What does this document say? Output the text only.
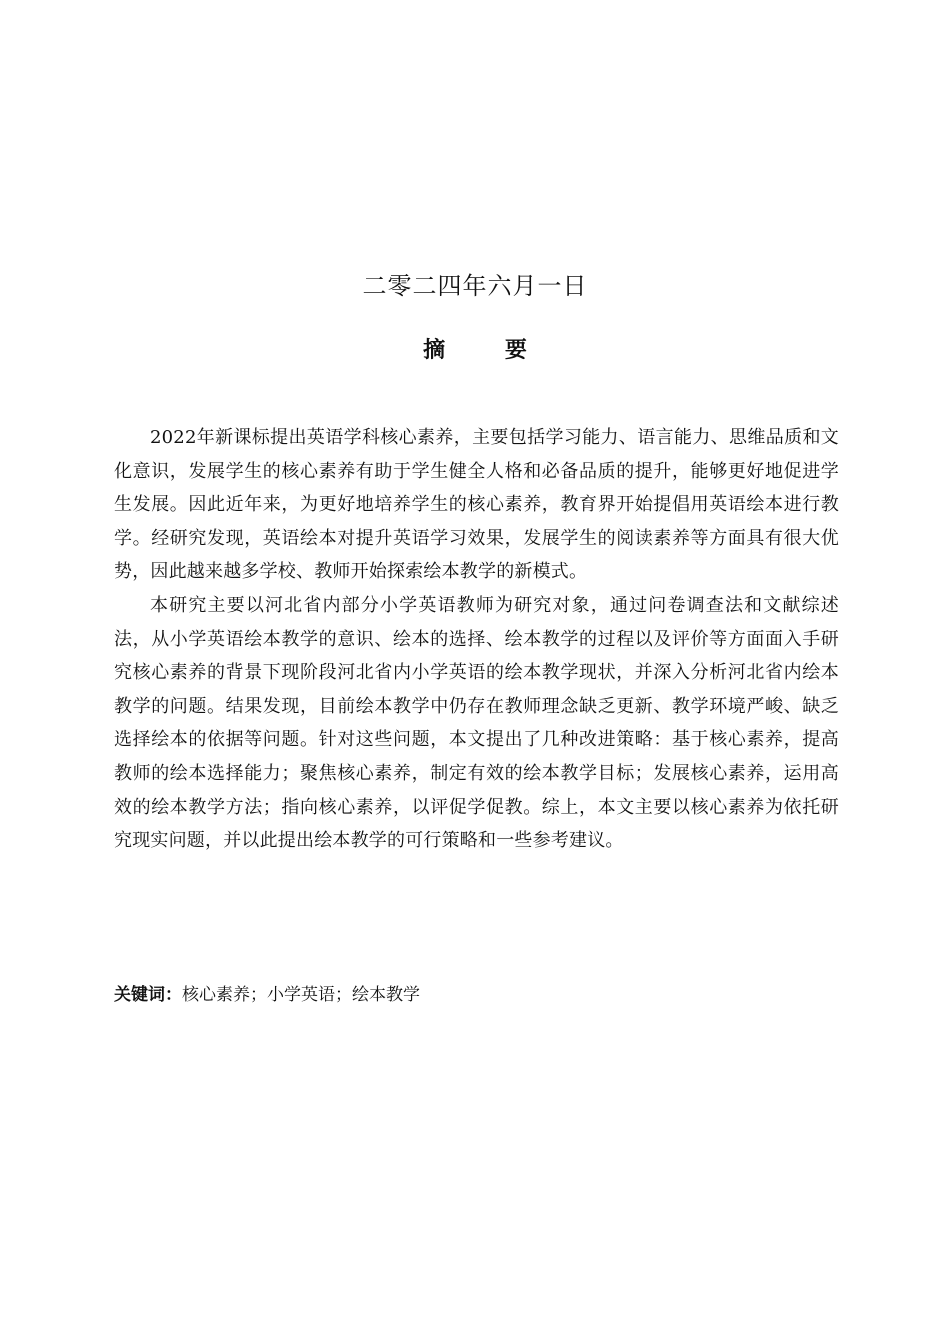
二零二四年六月一日
摘 要

2022年新课标提出英语学科核心素养，主要包括学习能力、语言能力、思维品质和文化意识，发展学生的核心素养有助于学生健全人格和必备品质的提升，能够更好地促进学生发展。因此近年来，为更好地培养学生的核心素养，教育界开始提倡用英语绘本进行教学。经研究发现，英语绘本对提升英语学习效果，发展学生的阅读素养等方面具有很大优势，因此越来越多学校、教师开始探索绘本教学的新模式。

本研究主要以河北省内部分小学英语教师为研究对象，通过问卷调查法和文献综述法，从小学英语绘本教学的意识、绘本的选择、绘本教学的过程以及评价等方面面入手研究核心素养的背景下现阶段河北省内小学英语的绘本教学现状，并深入分析河北省内绘本教学的问题。结果发现，目前绘本教学中仍存在教师理念缺乏更新、教学环境严峻、缺乏选择绘本的依据等问题。针对这些问题，本文提出了几种改进策略：基于核心素养，提高教师的绘本选择能力；聚焦核心素养，制定有效的绘本教学目标；发展核心素养，运用高效的绘本教学方法；指向核心素养，以评促学促教。综上，本文主要以核心素养为依托研究现实问题，并以此提出绘本教学的可行策略和一些参考建议。

关键词：核心素养；小学英语；绘本教学
